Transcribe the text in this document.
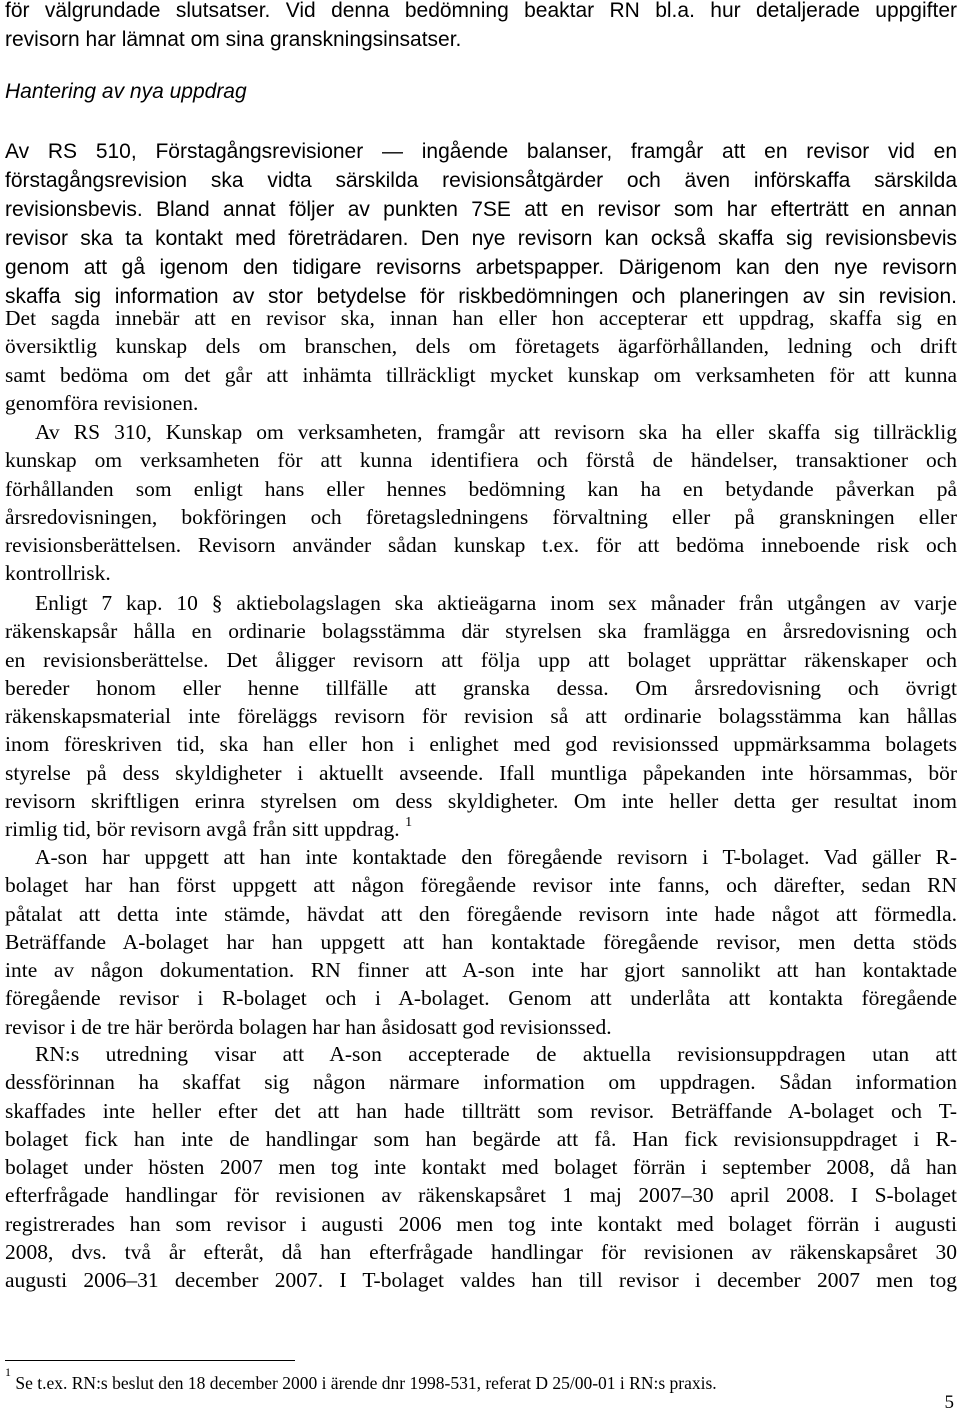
för välgrundade slutsatser. Vid denna bedömning beaktar RN bl.a. hur detaljerade uppgifter
revisorn har lämnat om sina granskningsinsatser.
Hantering av nya uppdrag
Av RS 510, Förstagångsrevisioner — ingående balanser, framgår att en revisor vid en
förstagångsrevision ska vidta särskilda revisionsåtgärder och även införskaffa särskilda
revisionsbevis. Bland annat följer av punkten 7SE att en revisor som har efterträtt en annan
revisor ska ta kontakt med företrädaren. Den nye revisorn kan också skaffa sig revisionsbevis
genom att gå igenom den tidigare revisorns arbetspapper. Därigenom kan den nye revisorn
skaffa sig information av stor betydelse för riskbedömningen och planeringen av sin revision.
Det sagda innebär att en revisor ska, innan han eller hon accepterar ett uppdrag, skaffa sig en
översiktlig kunskap dels om branschen, dels om företagets ägarförhållanden, ledning och drift
samt bedöma om det går att inhämta tillräckligt mycket kunskap om verksamheten för att kunna
genomföra revisionen.
Av RS 310, Kunskap om verksamheten, framgår att revisorn ska ha eller skaffa sig tillräcklig
kunskap om verksamheten för att kunna identifiera och förstå de händelser, transaktioner och
förhållanden som enligt hans eller hennes bedömning kan ha en betydande påverkan på
årsredovisningen, bokföringen och företagsledningens förvaltning eller på granskningen eller
revisionsberättelsen. Revisorn använder sådan kunskap t.ex. för att bedöma inneboende risk och
kontrollrisk.
Enligt 7 kap. 10 § aktiebolagslagen ska aktieägarna inom sex månader från utgången av varje
räkenskapsår hålla en ordinarie bolagsstämma där styrelsen ska framlägga en årsredovisning och
en revisionsberättelse. Det åligger revisorn att följa upp att bolaget upprättar räkenskaper och
bereder honom eller henne tillfälle att granska dessa. Om årsredovisning och övrigt
räkenskapsmaterial inte föreläggs revisorn för revision så att ordinarie bolagsstämma kan hållas
inom föreskriven tid, ska han eller hon i enlighet med god revisionssed uppmärksamma bolagets
styrelse på dess skyldigheter i aktuellt avseende. Ifall muntliga påpekanden inte hörsammas, bör
revisorn skriftligen erinra styrelsen om dess skyldigheter. Om inte heller detta ger resultat inom
rimlig tid, bör revisorn avgå från sitt uppdrag. $^1$
A-son har uppgett att han inte kontaktade den föregående revisorn i T-bolaget. Vad gäller R-
bolaget har han först uppgett att någon föregående revisor inte fanns, och därefter, sedan RN
påtalat att detta inte stämde, hävdat att den föregående revisorn inte hade något att förmedla.
Beträffande A-bolaget har han uppgett att han kontaktade föregående revisor, men detta stöds
inte av någon dokumentation. RN finner att A-son inte har gjort sannolikt att han kontaktade
föregående revisor i R-bolaget och i A-bolaget. Genom att underlåta att kontakta föregående
revisor i de tre här berörda bolagen har han åsidosatt god revisionssed.
RN:s utredning visar att A-son accepterade de aktuella revisionsuppdragen utan att
dessförinnan ha skaffat sig någon närmare information om uppdragen. Sådan information
skaffades inte heller efter det att han hade tillträtt som revisor. Beträffande A-bolaget och T-
bolaget fick han inte de handlingar som han begärde att få. Han fick revisionsuppdraget i R-
bolaget under hösten 2007 men tog inte kontakt med bolaget förrän i september 2008, då han
efterfrågade handlingar för revisionen av räkenskapsåret 1 maj 2007–30 april 2008. I S-bolaget
registrerades han som revisor i augusti 2006 men tog inte kontakt med bolaget förrän i augusti
2008, dvs. två år efteråt, då han efterfrågade handlingar för revisionen av räkenskapsåret 30
augusti 2006–31 december 2007. I T-bolaget valdes han till revisor i december 2007 men tog
$^1$ Se t.ex. RN:s beslut den 18 december 2000 i ärende dnr 1998-531, referat D 25/00-01 i RN:s praxis.
5
